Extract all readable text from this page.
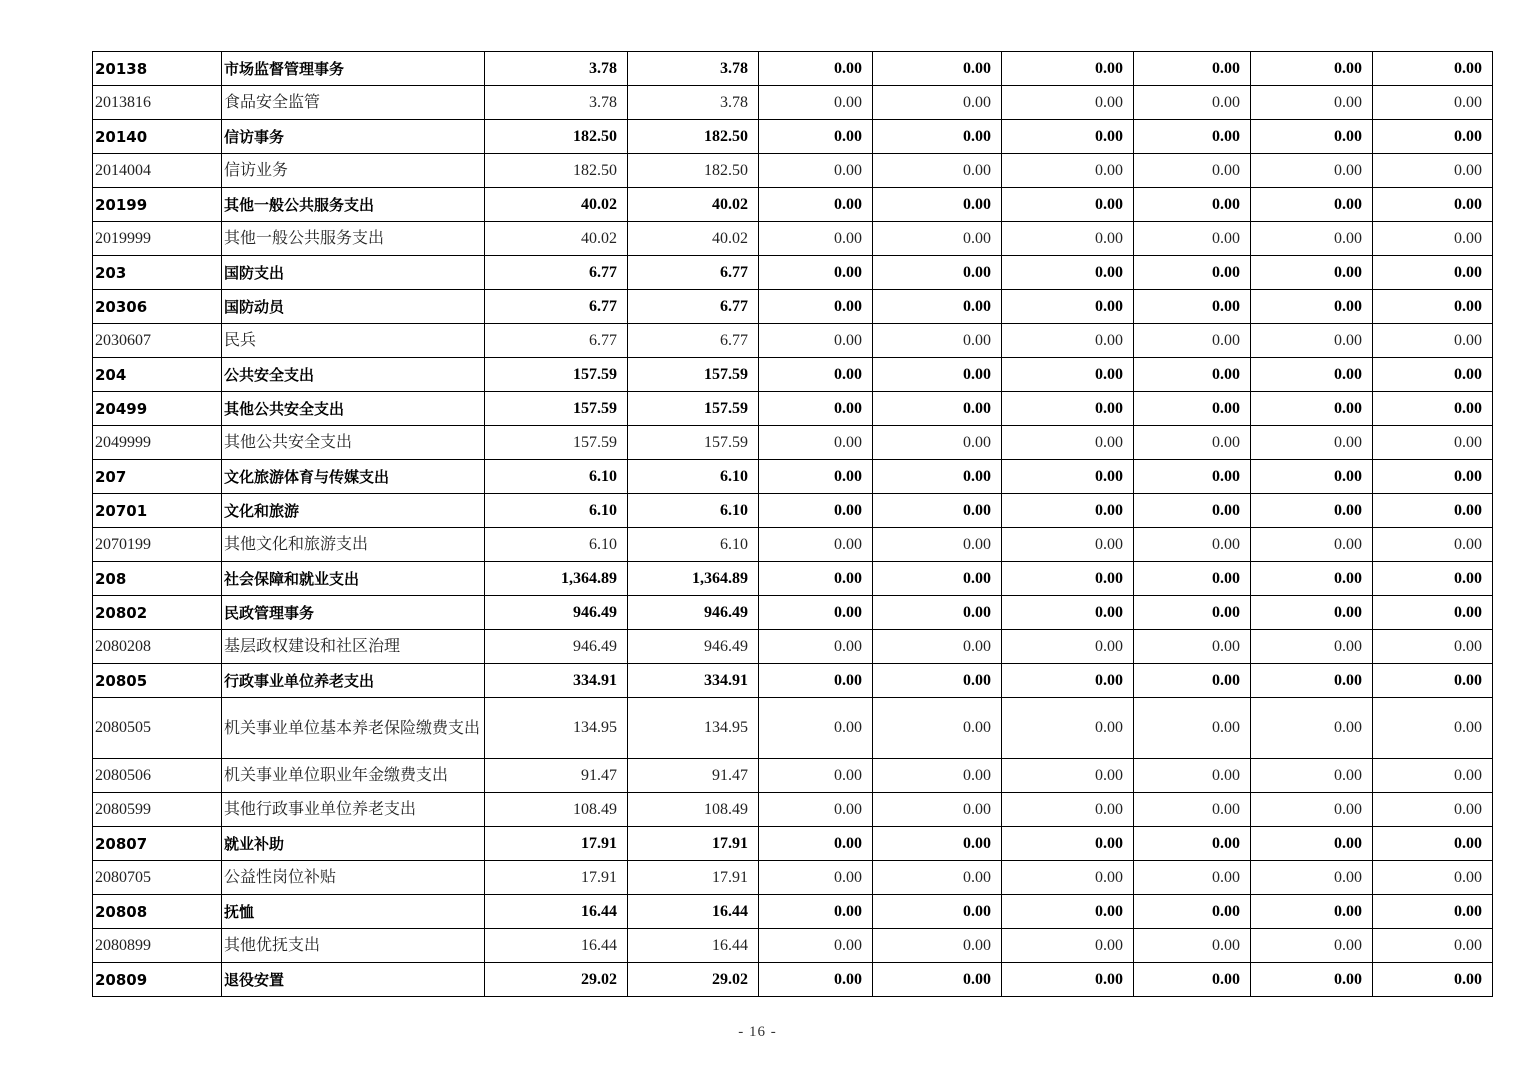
20138	市场监督管理事务	3.78	3.78	0.00	0.00	0.00	0.00	0.00	0.00
2013816	食品安全监管	3.78	3.78	0.00	0.00	0.00	0.00	0.00	0.00
20140	信访事务	182.50	182.50	0.00	0.00	0.00	0.00	0.00	0.00
2014004	信访业务	182.50	182.50	0.00	0.00	0.00	0.00	0.00	0.00
20199	其他一般公共服务支出	40.02	40.02	0.00	0.00	0.00	0.00	0.00	0.00
2019999	其他一般公共服务支出	40.02	40.02	0.00	0.00	0.00	0.00	0.00	0.00
203	国防支出	6.77	6.77	0.00	0.00	0.00	0.00	0.00	0.00
20306	国防动员	6.77	6.77	0.00	0.00	0.00	0.00	0.00	0.00
2030607	民兵	6.77	6.77	0.00	0.00	0.00	0.00	0.00	0.00
204	公共安全支出	157.59	157.59	0.00	0.00	0.00	0.00	0.00	0.00
20499	其他公共安全支出	157.59	157.59	0.00	0.00	0.00	0.00	0.00	0.00
2049999	其他公共安全支出	157.59	157.59	0.00	0.00	0.00	0.00	0.00	0.00
207	文化旅游体育与传媒支出	6.10	6.10	0.00	0.00	0.00	0.00	0.00	0.00
20701	文化和旅游	6.10	6.10	0.00	0.00	0.00	0.00	0.00	0.00
2070199	其他文化和旅游支出	6.10	6.10	0.00	0.00	0.00	0.00	0.00	0.00
208	社会保障和就业支出	1,364.89	1,364.89	0.00	0.00	0.00	0.00	0.00	0.00
20802	民政管理事务	946.49	946.49	0.00	0.00	0.00	0.00	0.00	0.00
2080208	基层政权建设和社区治理	946.49	946.49	0.00	0.00	0.00	0.00	0.00	0.00
20805	行政事业单位养老支出	334.91	334.91	0.00	0.00	0.00	0.00	0.00	0.00
2080505	机关事业单位基本养老保险缴费支出	134.95	134.95	0.00	0.00	0.00	0.00	0.00	0.00
2080506	机关事业单位职业年金缴费支出	91.47	91.47	0.00	0.00	0.00	0.00	0.00	0.00
2080599	其他行政事业单位养老支出	108.49	108.49	0.00	0.00	0.00	0.00	0.00	0.00
20807	就业补助	17.91	17.91	0.00	0.00	0.00	0.00	0.00	0.00
2080705	公益性岗位补贴	17.91	17.91	0.00	0.00	0.00	0.00	0.00	0.00
20808	抚恤	16.44	16.44	0.00	0.00	0.00	0.00	0.00	0.00
2080899	其他优抚支出	16.44	16.44	0.00	0.00	0.00	0.00	0.00	0.00
20809	退役安置	29.02	29.02	0.00	0.00	0.00	0.00	0.00	0.00
- 16 -
